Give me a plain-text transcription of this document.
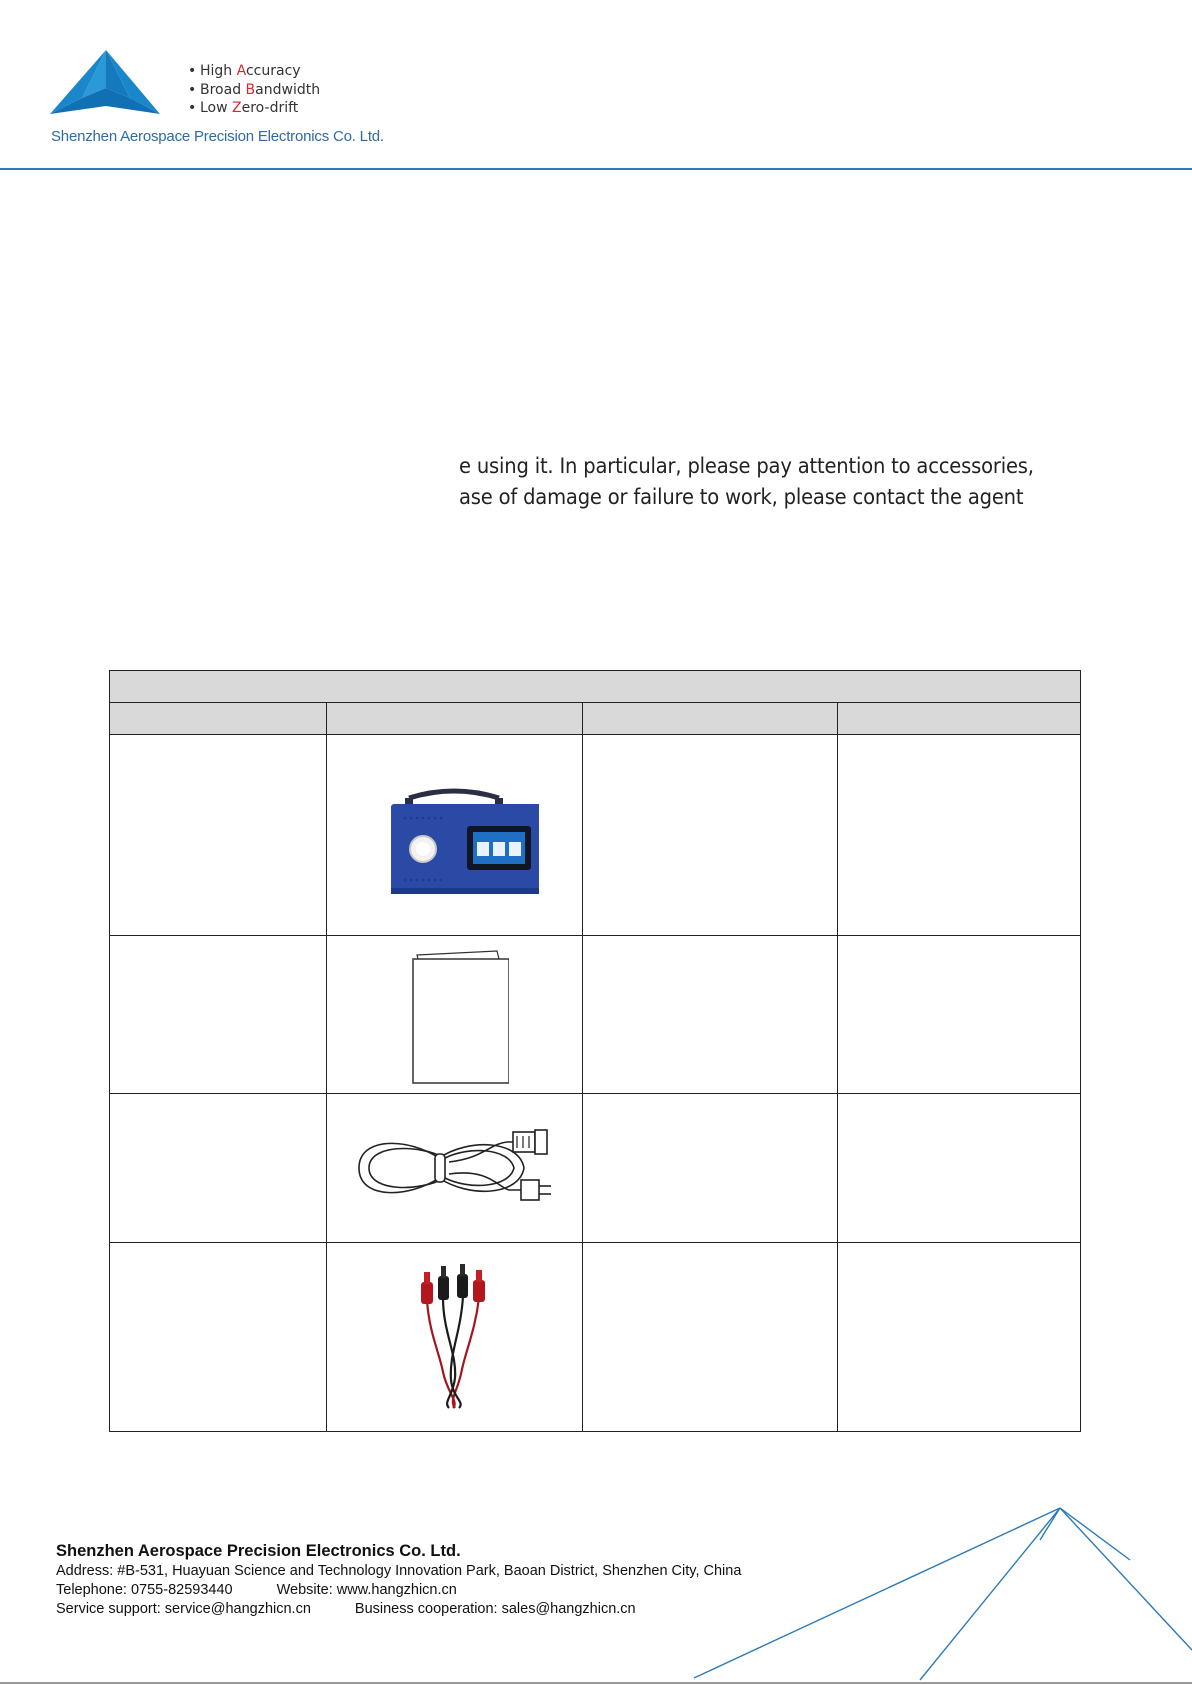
• High Accuracy
• Broad Bandwidth
• Low Zero-drift
Shenzhen Aerospace Precision Electronics Co. Ltd.
e using it. In particular, please pay attention to accessories,
ase of damage or failure to work, please contact the agent

Shenzhen Aerospace Precision Electronics Co. Ltd.
Address: #B-531, Huayuan Science and Technology Innovation Park, Baoan District, Shenzhen City, China
Telephone: 0755-82593440	Website: www.hangzhicn.cn
Service support: service@hangzhicn.cn	Business cooperation: sales@hangzhicn.cn
